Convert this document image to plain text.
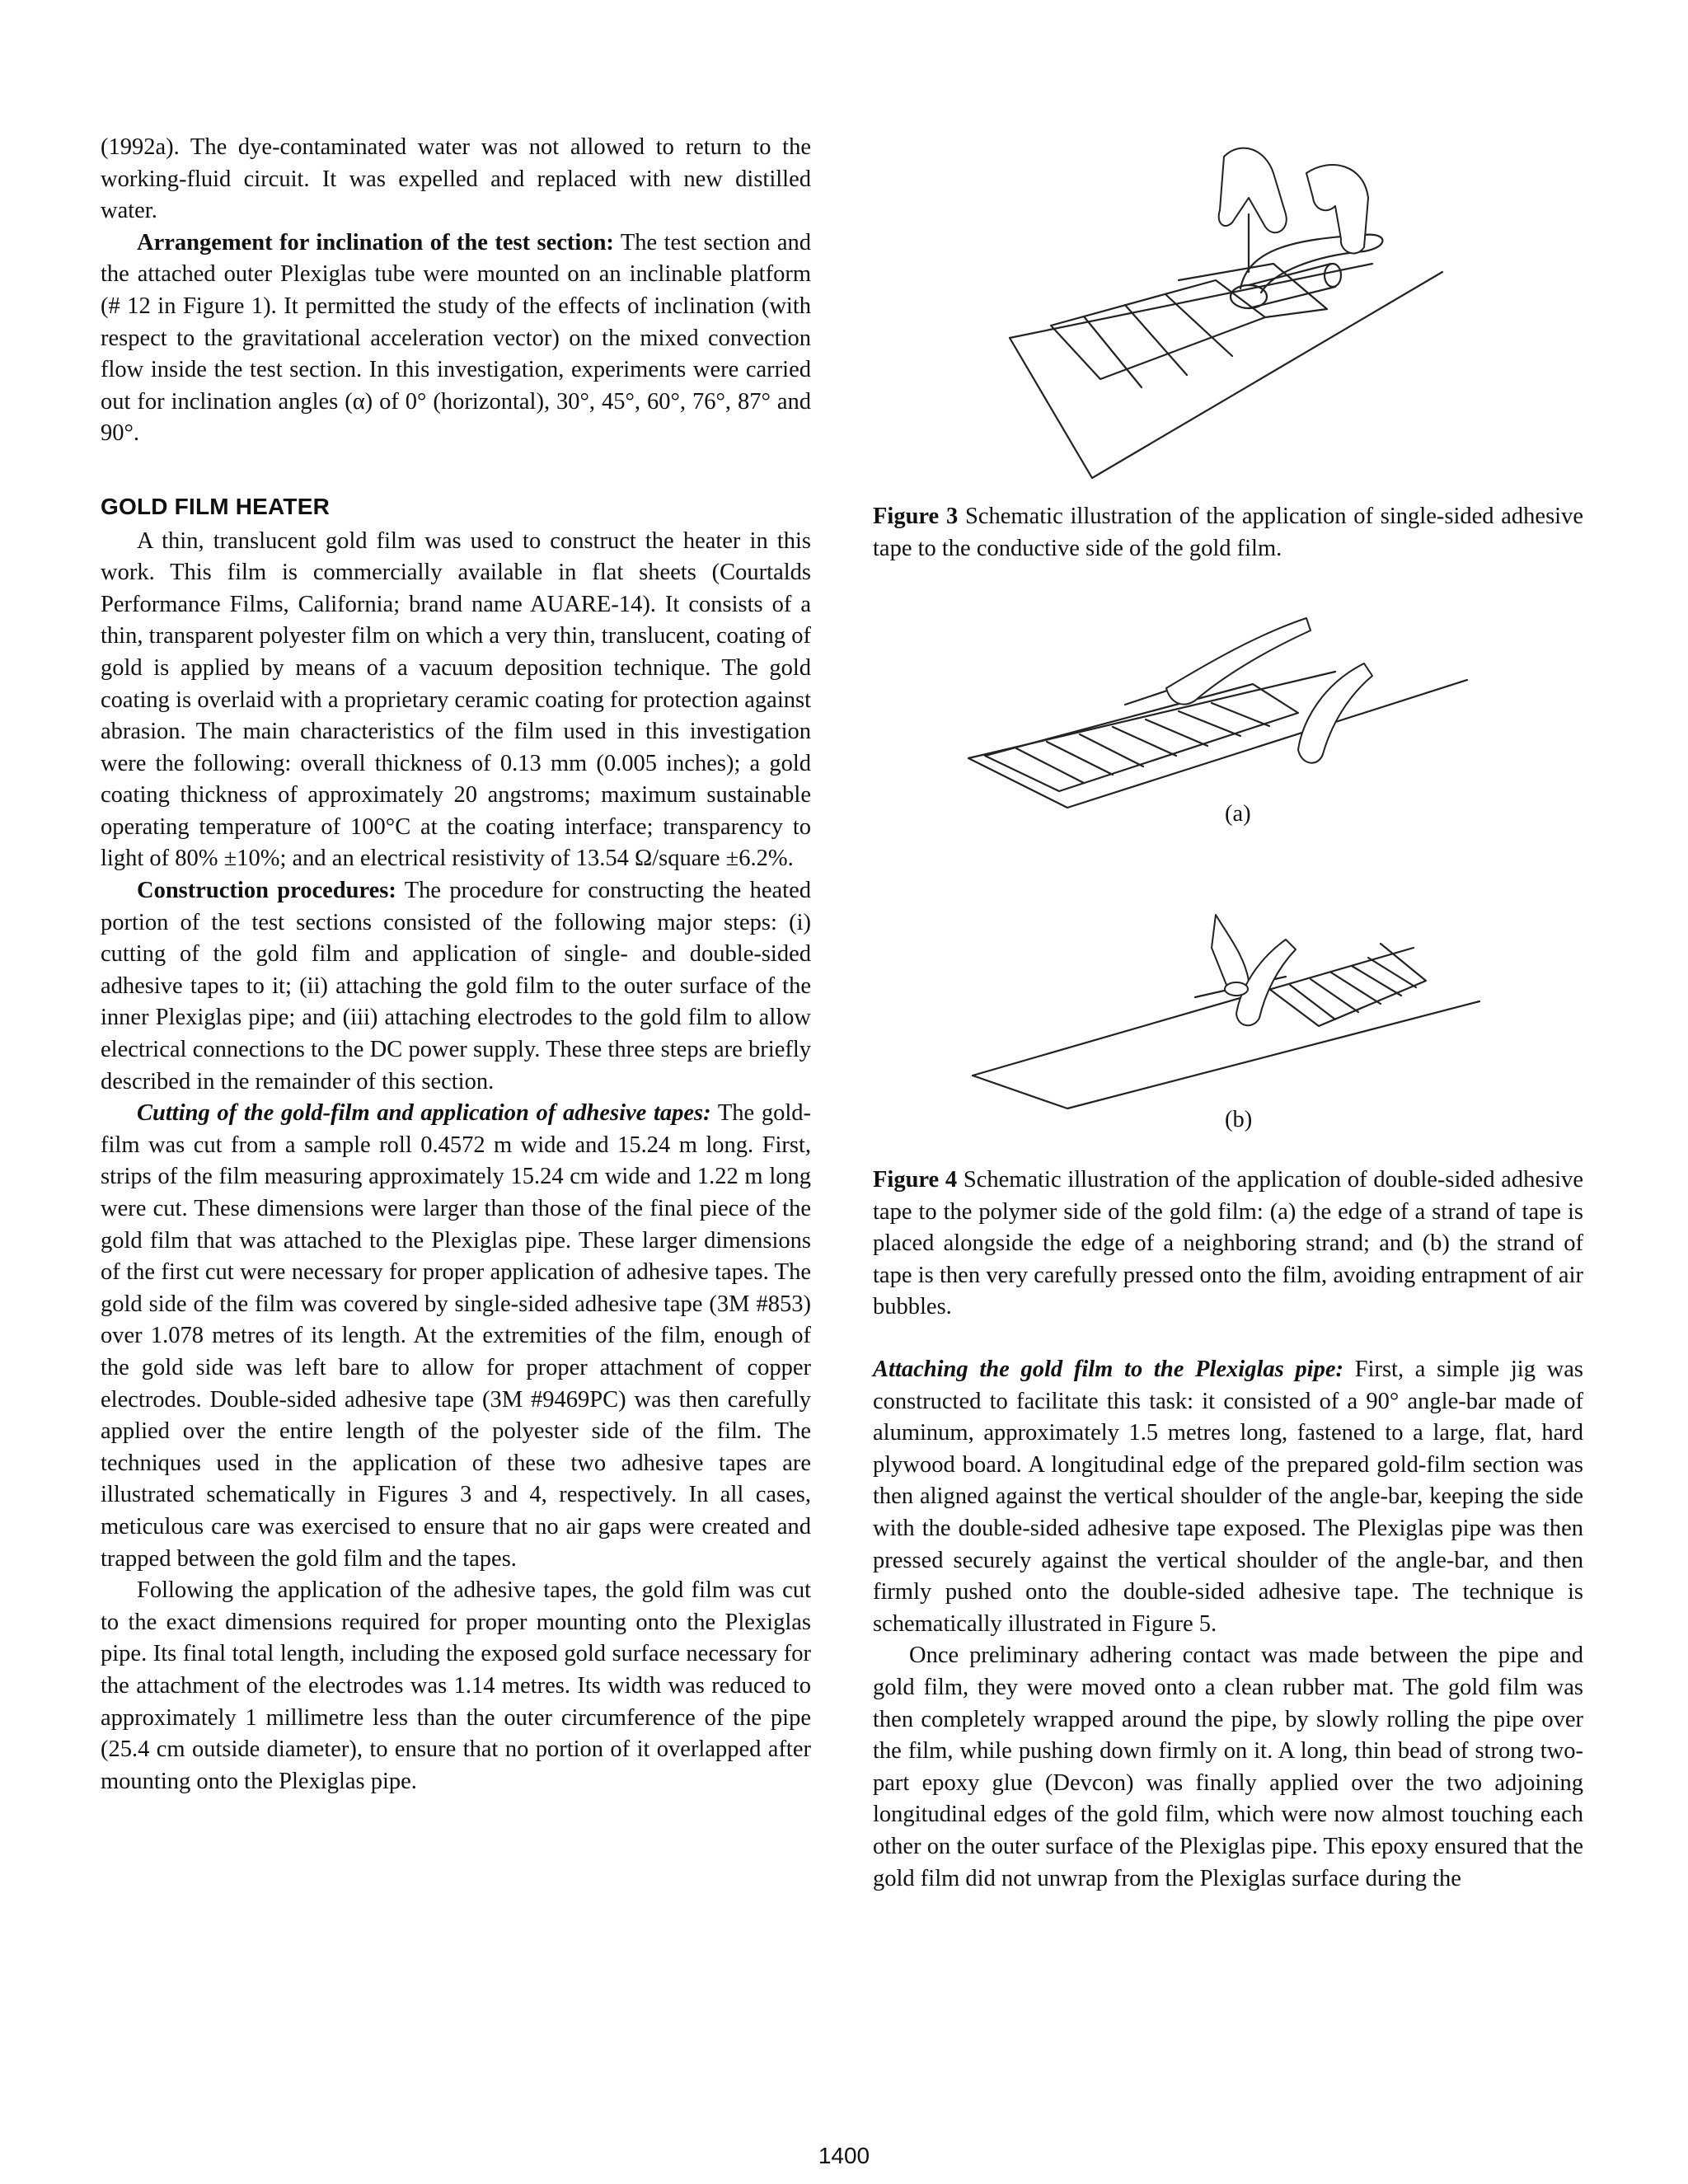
(1992a). The dye-contaminated water was not allowed to return to the working-fluid circuit. It was expelled and replaced with new distilled water.

Arrangement for inclination of the test section: The test section and the attached outer Plexiglas tube were mounted on an inclinable platform (# 12 in Figure 1). It permitted the study of the effects of inclination (with respect to the gravitational acceleration vector) on the mixed convection flow inside the test section. In this investigation, experiments were carried out for inclination angles (α) of 0° (horizontal), 30°, 45°, 60°, 76°, 87° and 90°.

GOLD FILM HEATER

A thin, translucent gold film was used to construct the heater in this work. This film is commercially available in flat sheets (Courtalds Performance Films, California; brand name AUARE-14). It consists of a thin, transparent polyester film on which a very thin, translucent, coating of gold is applied by means of a vacuum deposition technique. The gold coating is overlaid with a proprietary ceramic coating for protection against abrasion. The main characteristics of the film used in this investigation were the following: overall thickness of 0.13 mm (0.005 inches); a gold coating thickness of approximately 20 angstroms; maximum sustainable operating temperature of 100°C at the coating interface; transparency to light of 80% ±10%; and an electrical resistivity of 13.54 Ω/square ±6.2%.

Construction procedures: The procedure for constructing the heated portion of the test sections consisted of the following major steps: (i) cutting of the gold film and application of single- and double-sided adhesive tapes to it; (ii) attaching the gold film to the outer surface of the inner Plexiglas pipe; and (iii) attaching electrodes to the gold film to allow electrical connections to the DC power supply. These three steps are briefly described in the remainder of this section.

Cutting of the gold-film and application of adhesive tapes: The gold-film was cut from a sample roll 0.4572 m wide and 15.24 m long. First, strips of the film measuring approximately 15.24 cm wide and 1.22 m long were cut. These dimensions were larger than those of the final piece of the gold film that was attached to the Plexiglas pipe. These larger dimensions of the first cut were necessary for proper application of adhesive tapes. The gold side of the film was covered by single-sided adhesive tape (3M #853) over 1.078 metres of its length. At the extremities of the film, enough of the gold side was left bare to allow for proper attachment of copper electrodes. Double-sided adhesive tape (3M #9469PC) was then carefully applied over the entire length of the polyester side of the film. The techniques used in the application of these two adhesive tapes are illustrated schematically in Figures 3 and 4, respectively. In all cases, meticulous care was exercised to ensure that no air gaps were created and trapped between the gold film and the tapes.

Following the application of the adhesive tapes, the gold film was cut to the exact dimensions required for proper mounting onto the Plexiglas pipe. Its final total length, including the exposed gold surface necessary for the attachment of the electrodes was 1.14 metres. Its width was reduced to approximately 1 millimetre less than the outer circumference of the pipe (25.4 cm outside diameter), to ensure that no portion of it overlapped after mounting onto the Plexiglas pipe.

Figure 3 Schematic illustration of the application of single-sided adhesive tape to the conductive side of the gold film.
(a)
(b)
Figure 4 Schematic illustration of the application of double-sided adhesive tape to the polymer side of the gold film: (a) the edge of a strand of tape is placed alongside the edge of a neighboring strand; and (b) the strand of tape is then very carefully pressed onto the film, avoiding entrapment of air bubbles.

Attaching the gold film to the Plexiglas pipe: First, a simple jig was constructed to facilitate this task: it consisted of a 90° angle-bar made of aluminum, approximately 1.5 metres long, fastened to a large, flat, hard plywood board. A longitudinal edge of the prepared gold-film section was then aligned against the vertical shoulder of the angle-bar, keeping the side with the double-sided adhesive tape exposed. The Plexiglas pipe was then pressed securely against the vertical shoulder of the angle-bar, and then firmly pushed onto the double-sided adhesive tape. The technique is schematically illustrated in Figure 5.

Once preliminary adhering contact was made between the pipe and gold film, they were moved onto a clean rubber mat. The gold film was then completely wrapped around the pipe, by slowly rolling the pipe over the film, while pushing down firmly on it. A long, thin bead of strong two-part epoxy glue (Devcon) was finally applied over the two adjoining longitudinal edges of the gold film, which were now almost touching each other on the outer surface of the Plexiglas pipe. This epoxy ensured that the gold film did not unwrap from the Plexiglas surface during the

1400
